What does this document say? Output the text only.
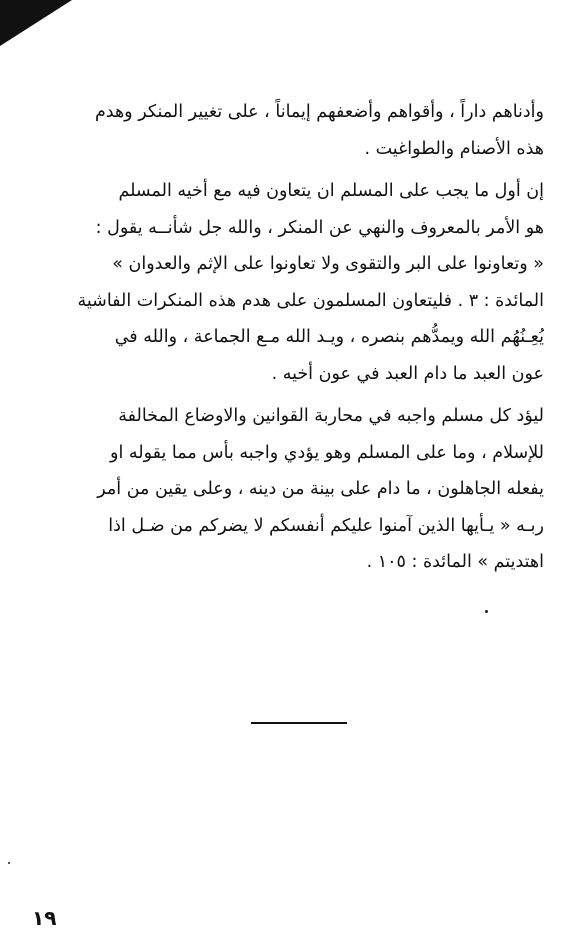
وأدناهم داراً ، وأقواهم وأضعفهم إيماناً ، على تغيير المنكر وهدم
هذه الأصنام والطواغيت .
إن أول ما يجب على المسلم ان يتعاون فيه مع أخيه المسلم
هو الأمر بالمعروف والنهي عن المنكر ، والله جل شأنــه يقول :
« وتعاونوا على البر والتقوى ولا تعاونوا على الإثم والعدوان »
المائدة : ٣ . فليتعاون المسلمون على هدم هذه المنكرات الفاشية
يُعِـنُهُم الله ويمدُّهم بنصره ، ويـد الله مـع الجماعة ، والله في
عون العبد ما دام العبد في عون أخيه .
ليؤد كل مسلم واجبه في محاربة القوانين والاوضاع المخالفة
للإسلام ، وما على المسلم وهو يؤدي واجبه بأس مما يقوله او
يفعله الجاهلون ، ما دام على بينة من دينه ، وعلى يقين من أمر
ربـه « يـأيها الذين آمنوا عليكم أنفسكم لا يضركم من ضـل اذا
اهتديتم » المائدة : ١٠٥ .
١٩
